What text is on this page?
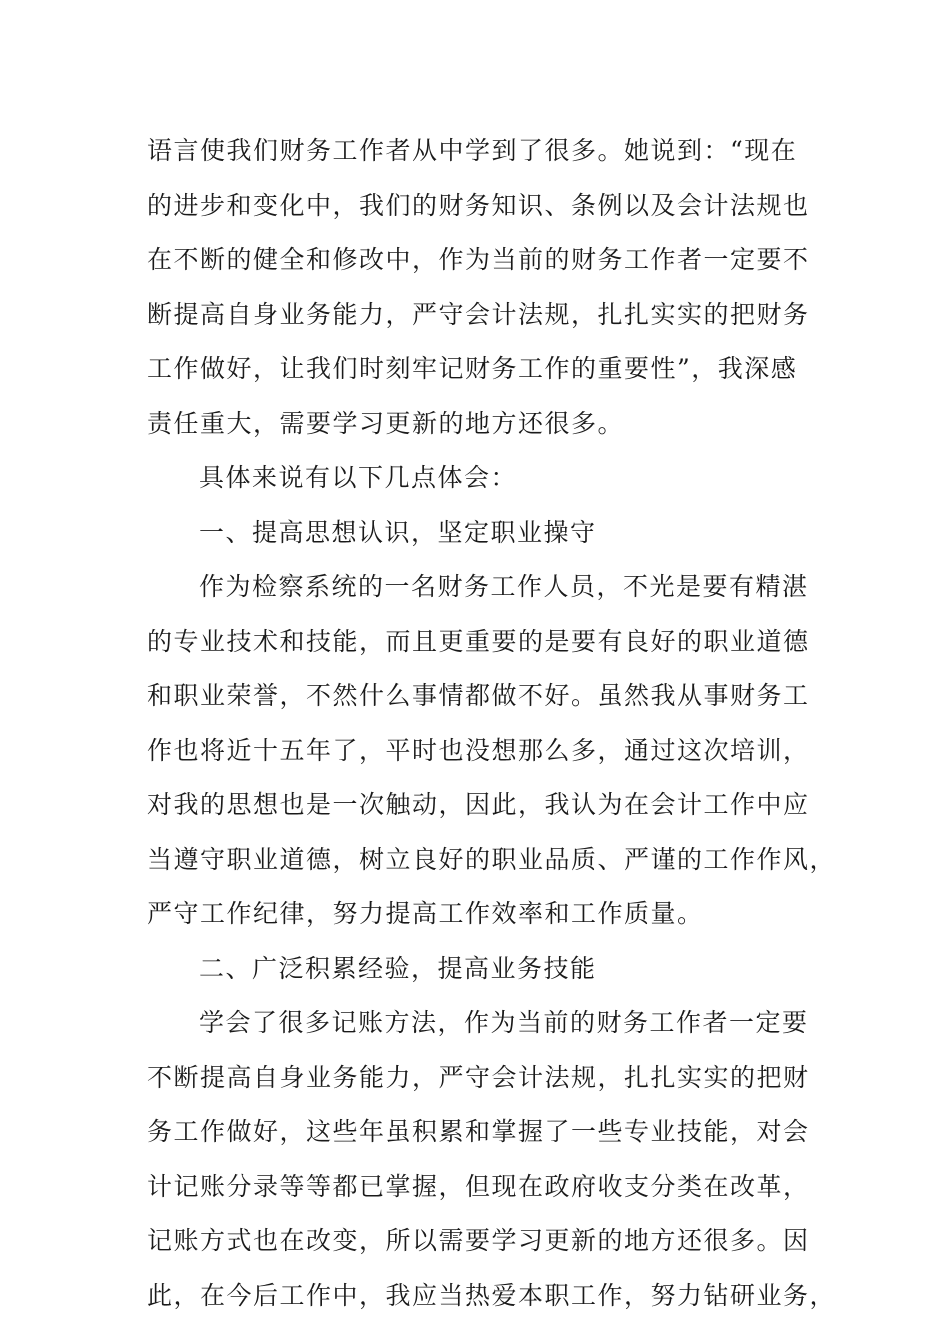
语言使我们财务工作者从中学到了很多。她说到：“现在
的进步和变化中，我们的财务知识、条例以及会计法规也
在不断的健全和修改中，作为当前的财务工作者一定要不
断提高自身业务能力，严守会计法规，扎扎实实的把财务
工作做好，让我们时刻牢记财务工作的重要性”，我深感
责任重大，需要学习更新的地方还很多。
具体来说有以下几点体会：
一、提高思想认识，坚定职业操守
作为检察系统的一名财务工作人员，不光是要有精湛
的专业技术和技能，而且更重要的是要有良好的职业道德
和职业荣誉，不然什么事情都做不好。虽然我从事财务工
作也将近十五年了，平时也没想那么多，通过这次培训，
对我的思想也是一次触动，因此，我认为在会计工作中应
当遵守职业道德，树立良好的职业品质、严谨的工作作风，
严守工作纪律，努力提高工作效率和工作质量。
二、广泛积累经验，提高业务技能
学会了很多记账方法，作为当前的财务工作者一定要
不断提高自身业务能力，严守会计法规，扎扎实实的把财
务工作做好，这些年虽积累和掌握了一些专业技能，对会
计记账分录等等都已掌握，但现在政府收支分类在改革，
记账方式也在改变，所以需要学习更新的地方还很多。因
此，在今后工作中，我应当热爱本职工作，努力钻研业务，
